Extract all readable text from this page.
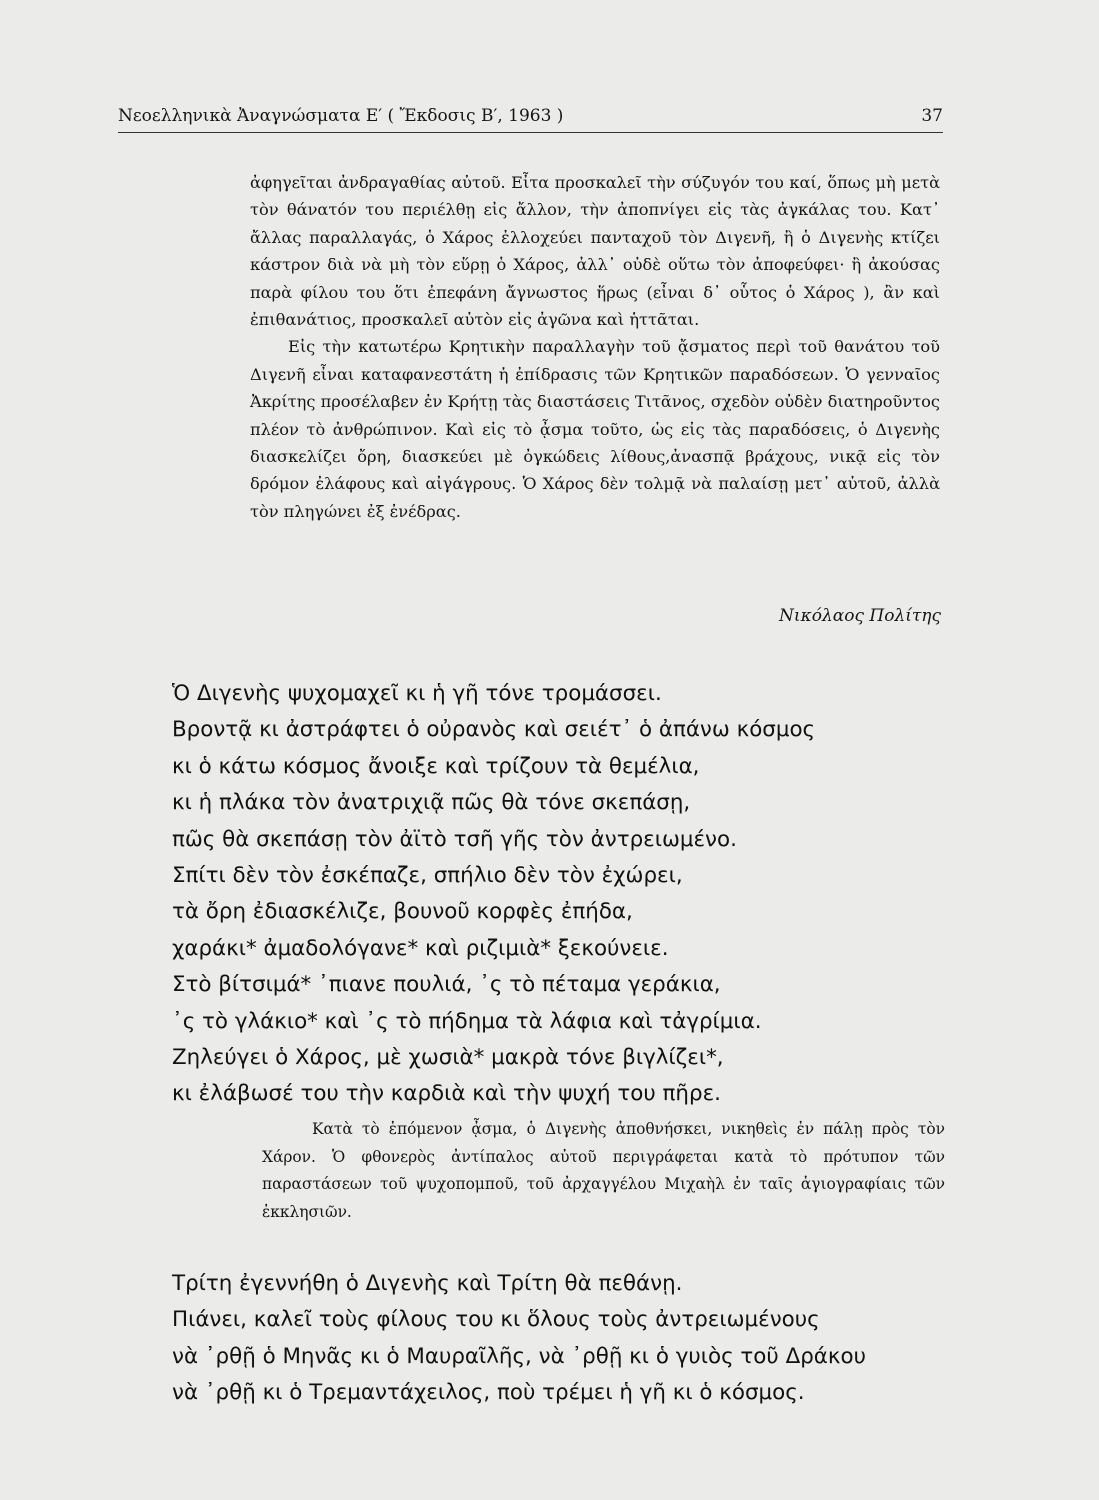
Νεοελληνικὰ Ἀναγνώσματα Ε′ ( Ἔκδοσις Β′, 1963 )	37

ἀφηγεῖται ἀνδραγαθίας αὐτοῦ. Εἶτα προσκαλεῖ τὴν σύζυγόν του καί, ὅπως μὴ μετὰ τὸν θάνατόν του περιέλθῃ εἰς ἄλλον, τὴν ἀποπνίγει εἰς τὰς ἀγκάλας του. Κατ᾽ ἄλλας παραλλαγάς, ὁ Χάρος ἐλλοχεύει πανταχοῦ τὸν Διγενῆ, ἢ ὁ Διγενὴς κτίζει κάστρον διὰ νὰ μὴ τὸν εὕρῃ ὁ Χάρος, ἀλλ᾽ οὐδὲ οὕτω τὸν ἀποφεύφει· ἢ ἀκούσας παρὰ φίλου του ὅτι ἐπεφάνη ἄγνωστος ἥρως (εἶναι δ᾽ οὗτος ὁ Χάρος ), ἂν καὶ ἐπιθανάτιος, προσκαλεῖ αὐτὸν εἰς ἀγῶνα καὶ ἡττᾶται.

Εἰς τὴν κατωτέρω Κρητικὴν παραλλαγὴν τοῦ ᾄσματος περὶ τοῦ θανάτου τοῦ Διγενῆ εἶναι καταφανεστάτη ἡ ἐπίδρασις τῶν Κρητικῶν παραδόσεων. Ὁ γενναῖος Ἀκρίτης προσέλαβεν ἐν Κρήτῃ τὰς διαστάσεις Τιτᾶνος, σχεδὸν οὐδὲν διατηροῦντος πλέον τὸ ἀνθρώπινον. Καὶ εἰς τὸ ᾆσμα τοῦτο, ὡς εἰς τὰς παραδόσεις, ὁ Διγενὴς διασκελίζει ὄρη, διασκεύει μὲ ὀγκώδεις λίθους,ἀνασπᾷ βράχους, νικᾷ εἰς τὸν δρόμον ἐλάφους καὶ αἰγάγρους. Ὁ Χάρος δὲν τολμᾷ νὰ παλαίσῃ μετ᾽ αὐτοῦ, ἀλλὰ τὸν πληγώνει ἐξ ἐνέδρας.

Νικόλαος Πολίτης
Ὁ Διγενὴς ψυχομαχεῖ κι ἡ γῆ τόνε τρομάσσει.
Βροντᾷ κι ἀστράφτει ὁ οὐρανὸς καὶ σειέτ᾽ ὁ ἀπάνω κόσμος
κι ὁ κάτω κόσμος ἄνοιξε καὶ τρίζουν τὰ θεμέλια,
κι ἡ πλάκα τὸν ἀνατριχιᾷ πῶς θὰ τόνε σκεπάσῃ,
πῶς θὰ σκεπάσῃ τὸν ἀϊτὸ τσῆ γῆς τὸν ἀντρειωμένο.
Σπίτι δὲν τὸν ἐσκέπαζε, σπήλιο δὲν τὸν ἐχώρει,
τὰ ὄρη ἐδιασκέλιζε, βουνοῦ κορφὲς ἐπήδα,
χαράκι* ἀμαδολόγανε* καὶ ριζιμιὰ* ξεκούνειε.
Στὸ βίτσιμά* ᾽πιανε πουλιά, ᾽ς τὸ πέταμα γεράκια,
᾽ς τὸ γλάκιο* καὶ ᾽ς τὸ πήδημα τὰ λάφια καὶ τἀγρίμια.
Ζηλεύγει ὁ Χάρος, μὲ χωσιὰ* μακρὰ τόνε βιγλίζει*,
κι ἐλάβωσέ του τὴν καρδιὰ καὶ τὴν ψυχή του πῆρε.

Κατὰ τὸ ἑπόμενον ᾆσμα, ὁ Διγενὴς ἀποθνήσκει, νικηθεὶς ἐν πάλῃ πρὸς τὸν Χάρον. Ὁ φθονερὸς ἀντίπαλος αὐτοῦ περιγράφεται κατὰ τὸ πρότυπον τῶν παραστάσεων τοῦ ψυχοπομποῦ, τοῦ ἀρχαγγέλου Μιχαὴλ ἐν ταῖς ἁγιογραφίαις τῶν ἐκκλησιῶν.

Τρίτη ἐγεννήθη ὁ Διγενὴς καὶ Τρίτη θὰ πεθάνῃ.
Πιάνει, καλεῖ τοὺς φίλους του κι ὅλους τοὺς ἀντρειωμένους
νὰ ᾽ρθῇ ὁ Μηνᾶς κι ὁ Μαυραῖλῆς, νὰ ᾽ρθῇ κι ὁ γυιὸς τοῦ Δράκου
νὰ ᾽ρθῇ κι ὁ Τρεμαντάχειλος, ποὺ τρέμει ἡ γῆ κι ὁ κόσμος.
